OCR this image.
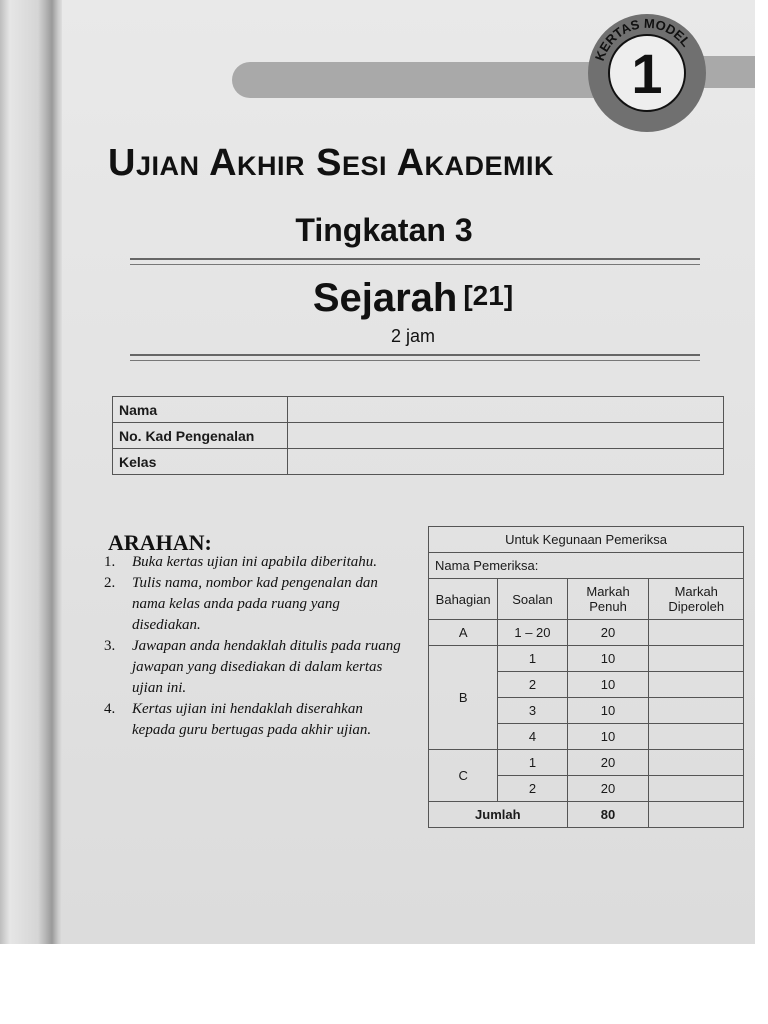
KERTAS MODEL
1
Ujian Akhir Sesi Akademik
Tingkatan 3
Sejarah [21]
2 jam
Nama	
No. Kad Pengenalan	
Kelas	
ARAHAN:
1. Buka kertas ujian ini apabila diberitahu.
2. Tulis nama, nombor kad pengenalan dan nama kelas anda pada ruang yang disediakan.
3. Jawapan anda hendaklah ditulis pada ruang jawapan yang disediakan di dalam kertas ujian ini.
4. Kertas ujian ini hendaklah diserahkan kepada guru bertugas pada akhir ujian.
Untuk Kegunaan Pemeriksa			
Nama Pemeriksa:			
Bahagian	Soalan	Markah Penuh	Markah Diperoleh
A	1 – 20	20	
B	1	10	
	2	10	
	3	10	
	4	10	
C	1	20	
	2	20	
Jumlah		80	
